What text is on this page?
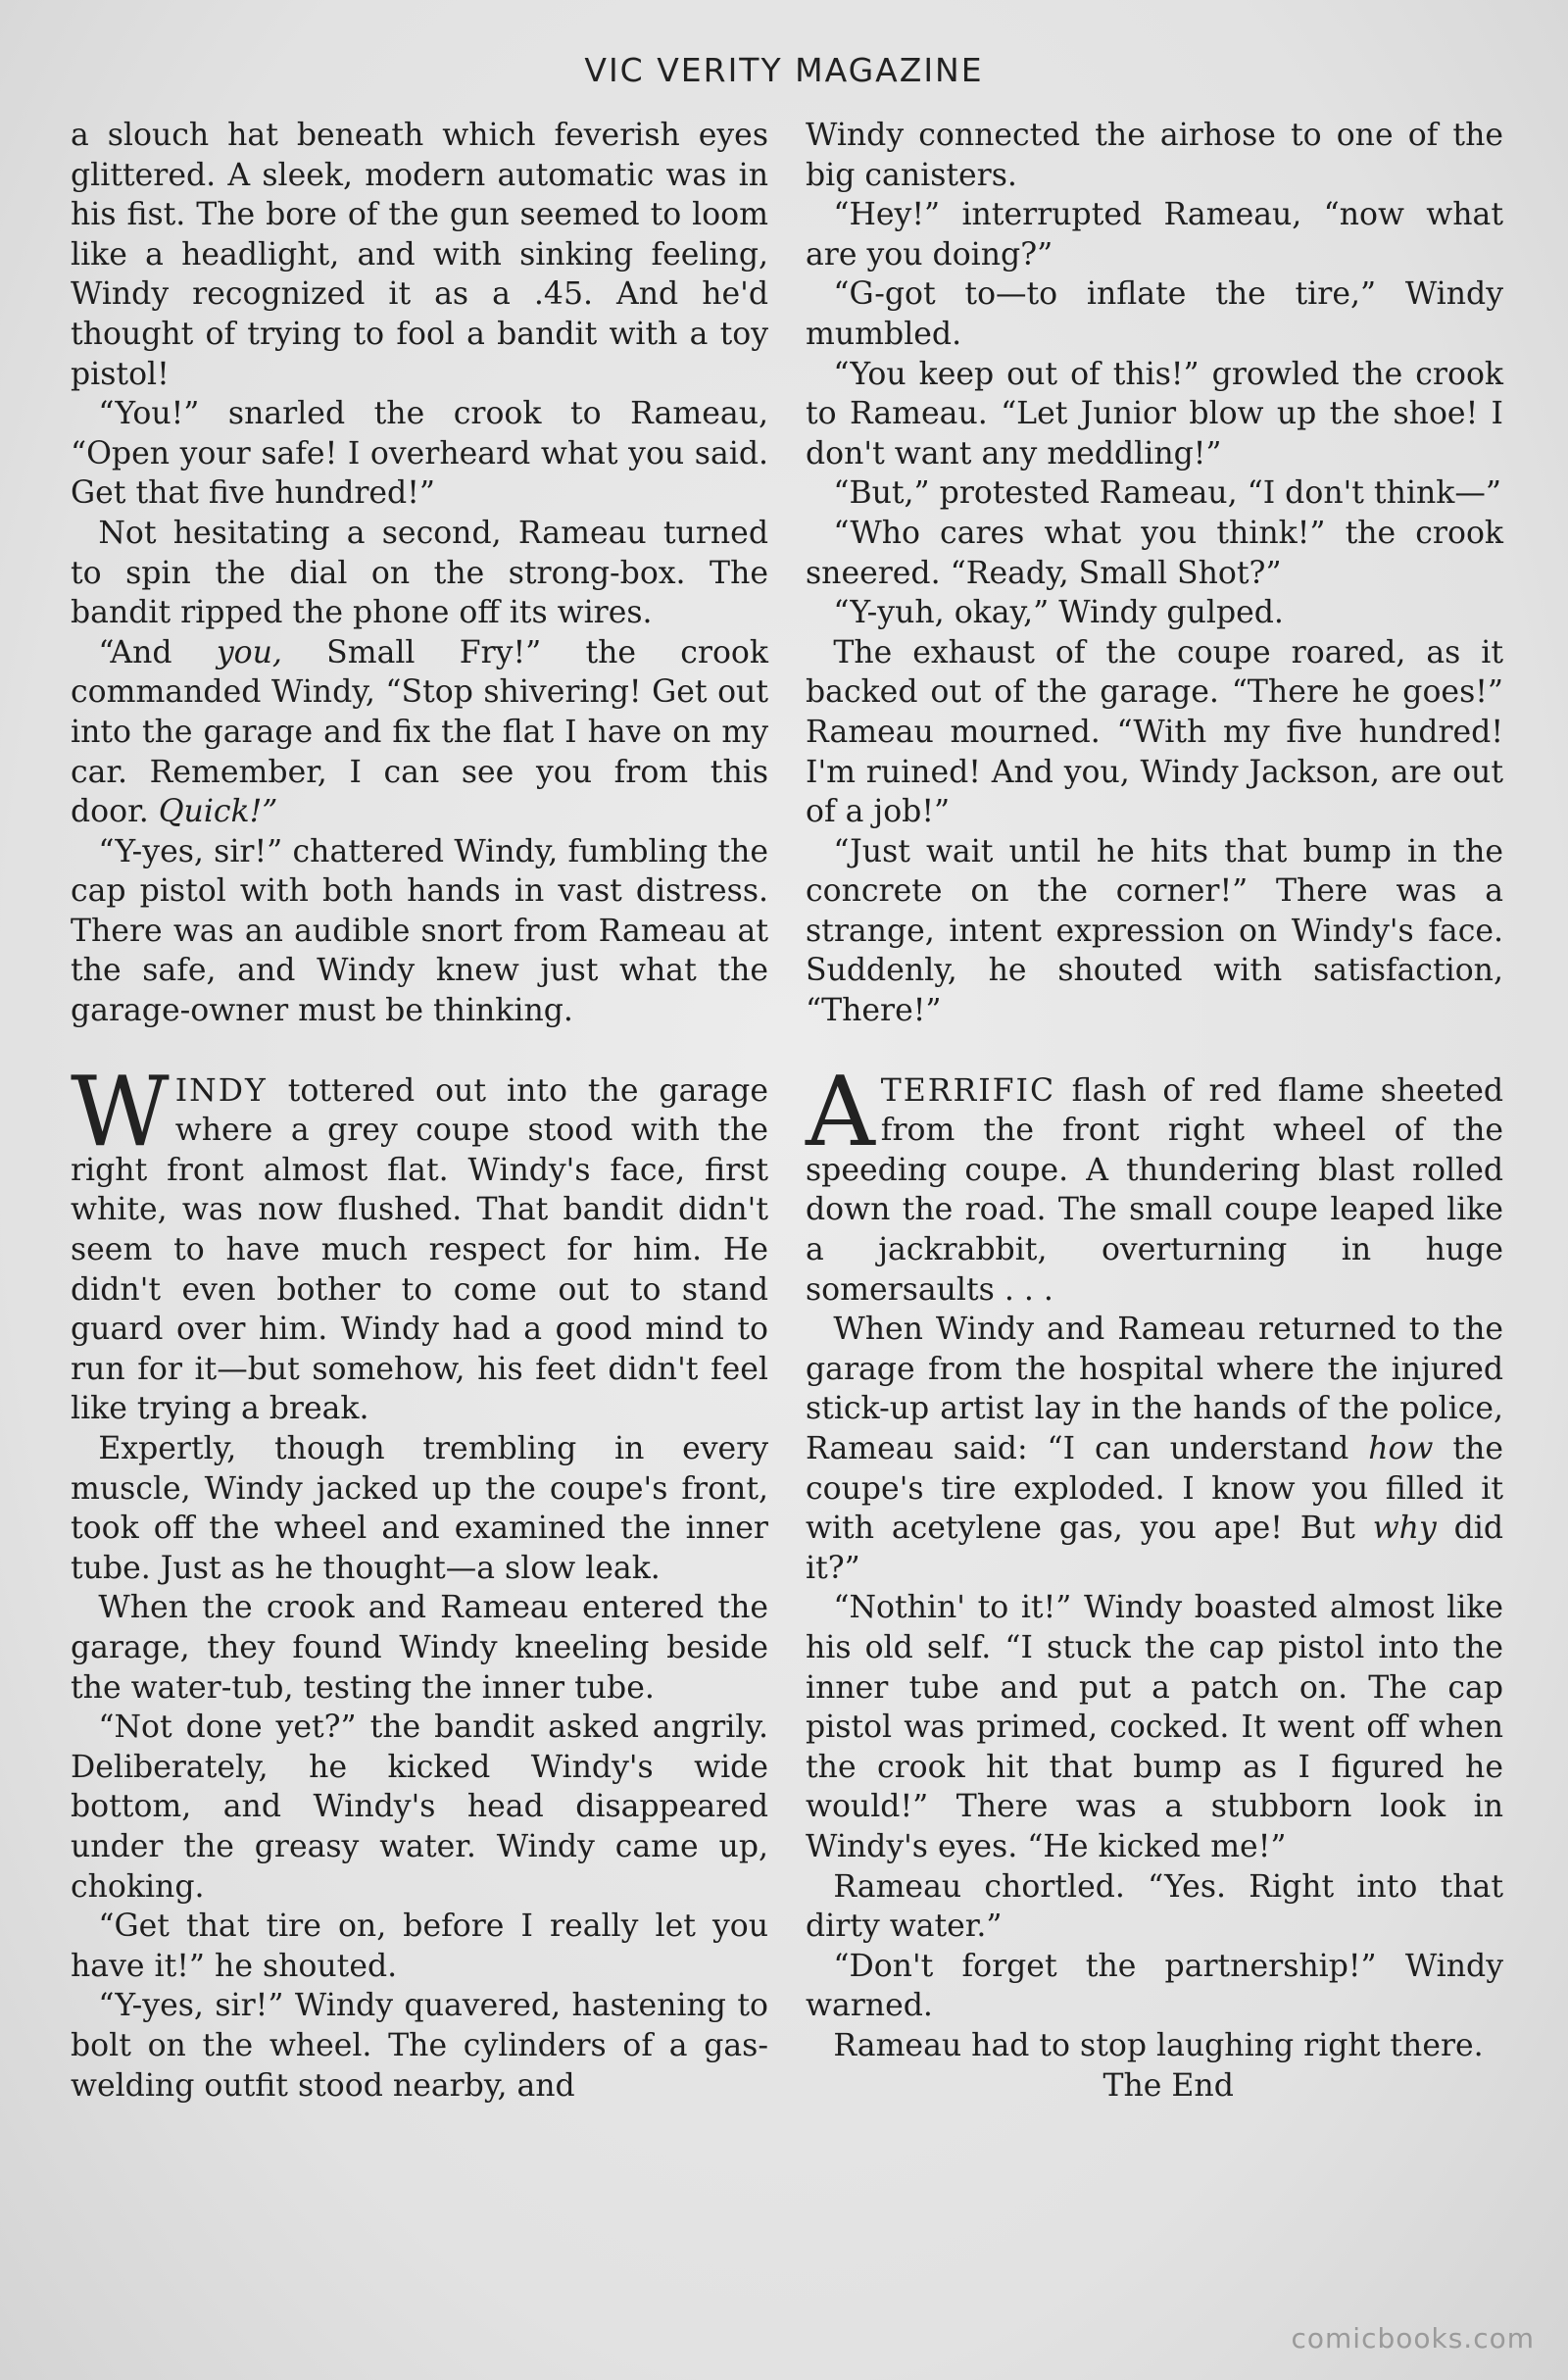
VIC VERITY MAGAZINE

a slouch hat beneath which feverish eyes glittered. A sleek, modern automatic was in his fist. The bore of the gun seemed to loom like a headlight, and with sinking feeling, Windy recognized it as a .45. And he'd thought of trying to fool a bandit with a toy pistol!

“You!” snarled the crook to Rameau, “Open your safe! I overheard what you said. Get that five hundred!”

Not hesitating a second, Rameau turned to spin the dial on the strong-box. The bandit ripped the phone off its wires.

“And you, Small Fry!” the crook commanded Windy, “Stop shivering! Get out into the garage and fix the flat I have on my car. Remember, I can see you from this door. Quick!”

“Y-yes, sir!” chattered Windy, fumbling the cap pistol with both hands in vast distress. There was an audible snort from Rameau at the safe, and Windy knew just what the garage-owner must be thinking.

WINDY tottered out into the garage where a grey coupe stood with the right front almost flat. Windy's face, first white, was now flushed. That bandit didn't seem to have much respect for him. He didn't even bother to come out to stand guard over him. Windy had a good mind to run for it—but somehow, his feet didn't feel like trying a break.

Expertly, though trembling in every muscle, Windy jacked up the coupe's front, took off the wheel and examined the inner tube. Just as he thought—a slow leak.

When the crook and Rameau entered the garage, they found Windy kneeling beside the water-tub, testing the inner tube.

“Not done yet?” the bandit asked angrily. Deliberately, he kicked Windy's wide bottom, and Windy's head disappeared under the greasy water. Windy came up, choking.

“Get that tire on, before I really let you have it!” he shouted.

“Y-yes, sir!” Windy quavered, hastening to bolt on the wheel. The cylinders of a gas-welding outfit stood nearby, and

Windy connected the airhose to one of the big canisters.

“Hey!” interrupted Rameau, “now what are you doing?”

“G-got to—to inflate the tire,” Windy mumbled.

“You keep out of this!” growled the crook to Rameau. “Let Junior blow up the shoe! I don't want any meddling!”

“But,” protested Rameau, “I don't think—”

“Who cares what you think!” the crook sneered. “Ready, Small Shot?”

“Y-yuh, okay,” Windy gulped.

The exhaust of the coupe roared, as it backed out of the garage. “There he goes!” Rameau mourned. “With my five hundred! I'm ruined! And you, Windy Jackson, are out of a job!”

“Just wait until he hits that bump in the concrete on the corner!” There was a strange, intent expression on Windy's face. Suddenly, he shouted with satisfaction, “There!”

ATERRIFIC flash of red flame sheeted from the front right wheel of the speeding coupe. A thundering blast rolled down the road. The small coupe leaped like a jackrabbit, overturning in huge somersaults . . .

When Windy and Rameau returned to the garage from the hospital where the injured stick-up artist lay in the hands of the police, Rameau said: “I can understand how the coupe's tire exploded. I know you filled it with acetylene gas, you ape! But why did it?”

“Nothin' to it!” Windy boasted almost like his old self. “I stuck the cap pistol into the inner tube and put a patch on. The cap pistol was primed, cocked. It went off when the crook hit that bump as I figured he would!” There was a stubborn look in Windy's eyes. “He kicked me!”

Rameau chortled. “Yes. Right into that dirty water.”

“Don't forget the partnership!” Windy warned.

Rameau had to stop laughing right there.

The End

comicbooks.com
